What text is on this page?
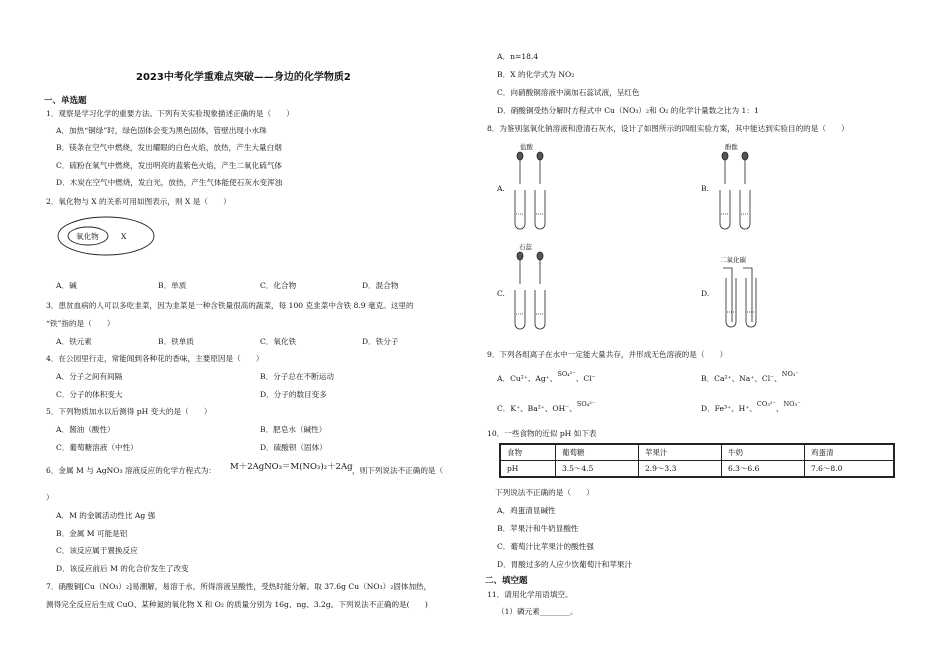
2023中考化学重难点突破——身边的化学物质2
一、单选题
1．观察是学习化学的重要方法。下列有关实验现象描述正确的是（　　）
A．加热“铜绿”时，绿色固体会变为黑色固体，管壁出现小水珠
B．镁条在空气中燃烧，发出耀眼的白色火焰，放热，产生大量白烟
C．硫粉在氧气中燃烧，发出明亮的蓝紫色火焰，产生二氧化硫气体
D．木炭在空气中燃烧，发白光，放热，产生气体能使石灰水变浑浊
2．氧化物与 X 的关系可用如图表示，则 X 是（　　）
氧化物	X
A．碱	B．单质	C．化合物	D．混合物
3．患贫血病的人可以多吃韭菜，因为韭菜是一种含铁量很高的蔬菜，每 100 克韭菜中含铁 8.9 毫克。这里的
“铁”指的是（　　）
A．铁元素	B．铁单质	C．氧化铁	D．铁分子
4．在公园里行走，常能闻到各种花的香味，主要原因是（　　）
A．分子之间有间隔	B．分子总在不断运动
C．分子的体积变大	D．分子的数目变多
5．下列物质加水以后测得 pH 变大的是（　　）
A．酱油（酸性）	B．肥皂水（碱性）
C．葡萄糖溶液（中性）	D．硫酸钡（固体）
6．金属 M 与 AgNO₃ 溶液反应的化学方程式为： M＋2AgNO₃＝M(NO₃)₂＋2Ag ，则下列说法不正确的是（
）
A．M 的金属活动性比 Ag 强
B．金属 M 可能是铝
C．该反应属于置换反应
D．该反应前后 M 的化合价发生了改变
7．硝酸铜[Cu（NO₃）₂]易潮解，易溶于水，所得溶液呈酸性，受热时能分解。取 37.6g Cu（NO₃）₂固体加热，
测得完全反应后生成 CuO、某种氮的氧化物 X 和 O₂ 的质量分别为 16g、ng、3.2g。下列说法不正确的是(　　)
A．n=18.4
B．X 的化学式为 NO₂
C．向硝酸铜溶液中滴加石蕊试液，呈红色
D．硝酸铜受热分解时方程式中 Cu（NO₃）₂和 O₂ 的化学计量数之比为 1：1
8．为鉴别氢氧化钠溶液和澄清石灰水，设计了如图所示的四组实验方案，其中能达到实验目的的是（　　）
A.
盐酸
B.
酚酞
C.
石蕊
D.
二氧化碳
9．下列各组离子在水中一定能大量共存，并形成无色溶液的是（　　）
A．Cu²⁺、Ag⁺、SO₄²⁻、Cl⁻	B．Ca²⁺、Na⁺、Cl⁻、NO₃⁻
C．K⁺、Ba²⁺、OH⁻、SO₄²⁻	D．Fe³⁺、H⁺、CO₃²⁻、NO₃⁻
10．一些食物的近似 pH 如下表
食物	葡萄糖	苹果汁	牛奶	鸡蛋清
pH	3.5～4.5	2.9～3.3	6.3～6.6	7.6～8.0
下列说法不正确的是（　　）
A．鸡蛋清显碱性
B．苹果汁和牛奶显酸性
C．葡萄汁比苹果汁的酸性强
D．胃酸过多的人应少饮葡萄汁和苹果汁
二、填空题
11．请用化学用语填空。
（1）磷元素________。
